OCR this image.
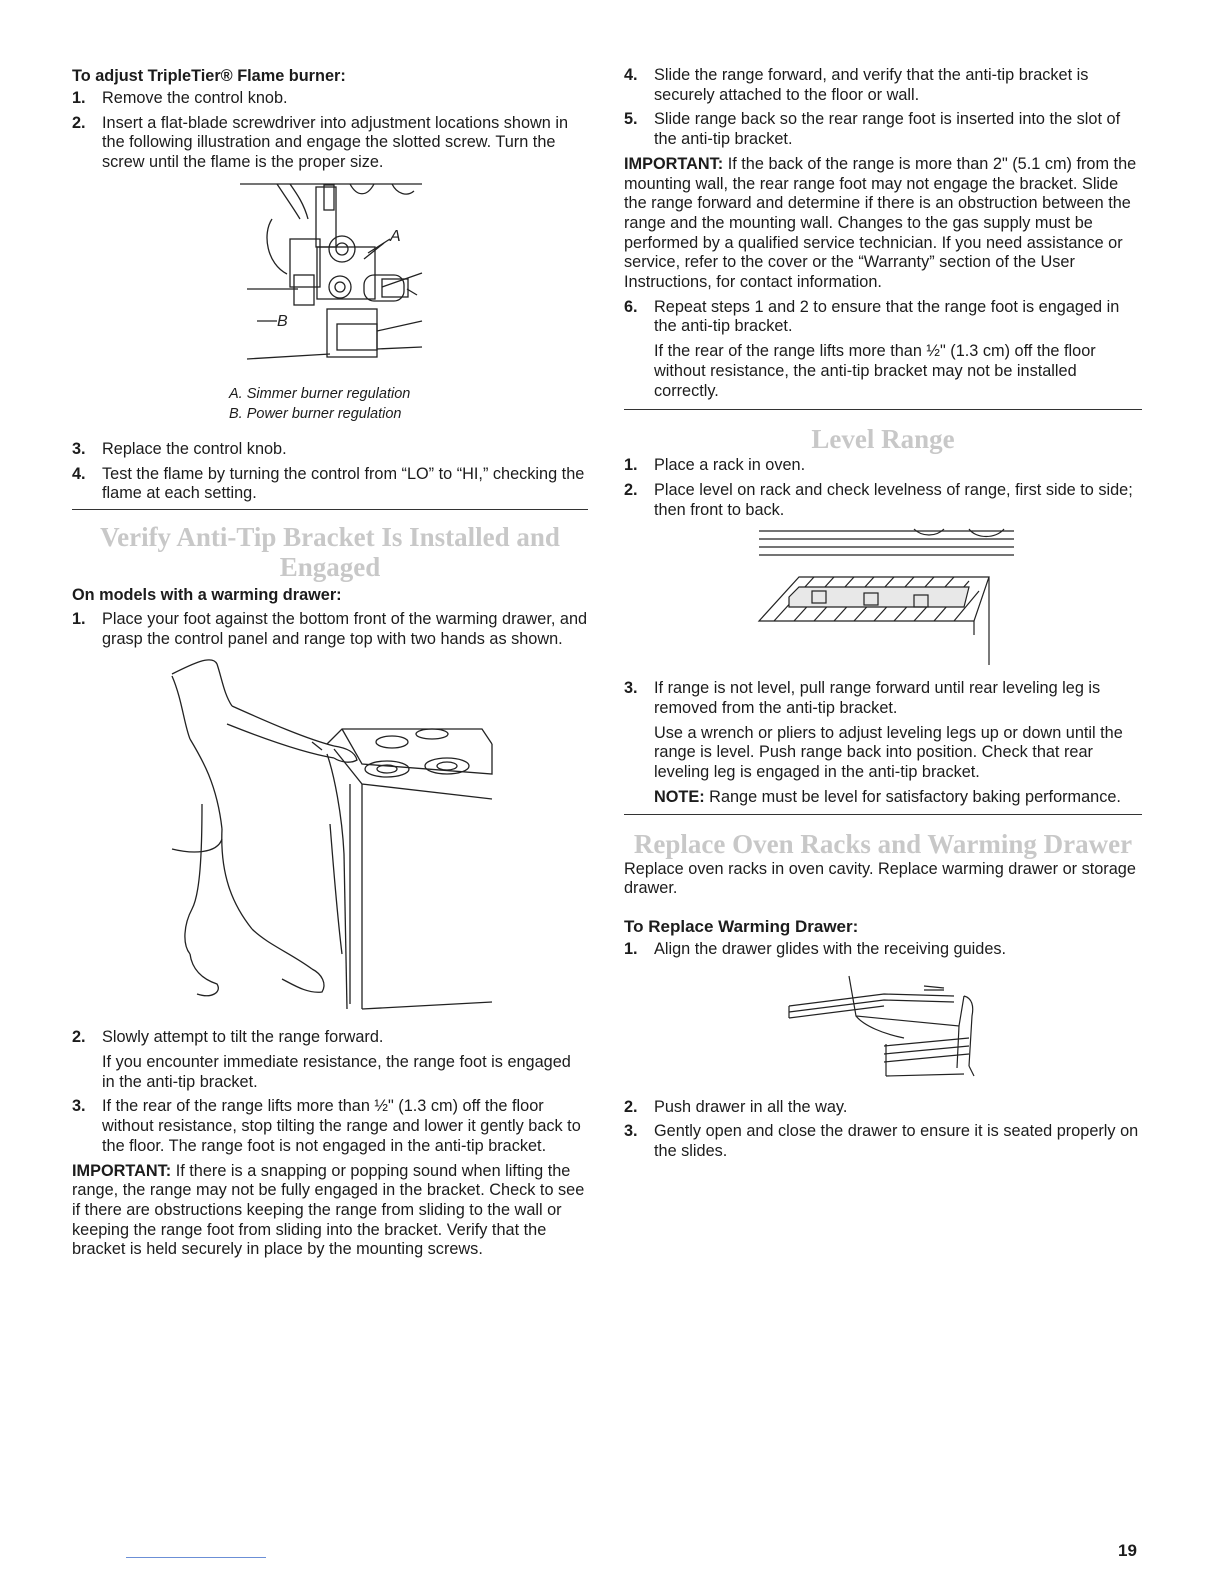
To adjust TripleTier® Flame burner:

1. Remove the control knob.
2. Insert a flat-blade screwdriver into adjustment locations shown in the following illustration and engage the slotted screw. Turn the screw until the flame is the proper size.
A
B
A. Simmer burner regulation
B. Power burner regulation
3. Replace the control knob.
4. Test the flame by turning the control from “LO” to “HI,” checking the flame at each setting.
Verify Anti-Tip Bracket Is Installed and Engaged

On models with a warming drawer:

1. Place your foot against the bottom front of the warming drawer, and grasp the control panel and range top with two hands as shown.
2. Slowly attempt to tilt the range forward.
If you encounter immediate resistance, the range foot is engaged in the anti-tip bracket.
3. If the rear of the range lifts more than ½" (1.3 cm) off the floor without resistance, stop tilting the range and lower it gently back to the floor. The range foot is not engaged in the anti-tip bracket.

IMPORTANT: If there is a snapping or popping sound when lifting the range, the range may not be fully engaged in the bracket. Check to see if there are obstructions keeping the range from sliding to the wall or keeping the range foot from sliding into the bracket. Verify that the bracket is held securely in place by the mounting screws.

4. Slide the range forward, and verify that the anti-tip bracket is securely attached to the floor or wall.
5. Slide range back so the rear range foot is inserted into the slot of the anti-tip bracket.

IMPORTANT: If the back of the range is more than 2" (5.1 cm) from the mounting wall, the rear range foot may not engage the bracket. Slide the range forward and determine if there is an obstruction between the range and the mounting wall. Changes to the gas supply must be performed by a qualified service technician. If you need assistance or service, refer to the cover or the “Warranty” section of the User Instructions, for contact information.

6. Repeat steps 1 and 2 to ensure that the range foot is engaged in the anti-tip bracket.
If the rear of the range lifts more than ½" (1.3 cm) off the floor without resistance, the anti-tip bracket may not be installed correctly.
Level Range
1. Place a rack in oven.
2. Place level on rack and check levelness of range, first side to side; then front to back.
3. If range is not level, pull range forward until rear leveling leg is removed from the anti-tip bracket.
Use a wrench or pliers to adjust leveling legs up or down until the range is level. Push range back into position. Check that rear leveling leg is engaged in the anti-tip bracket.
NOTE: Range must be level for satisfactory baking performance.
Replace Oven Racks and Warming Drawer

Replace oven racks in oven cavity. Replace warming drawer or storage drawer.

To Replace Warming Drawer:

1. Align the drawer glides with the receiving guides.
2. Push drawer in all the way.
3. Gently open and close the drawer to ensure it is seated properly on the slides.
19
